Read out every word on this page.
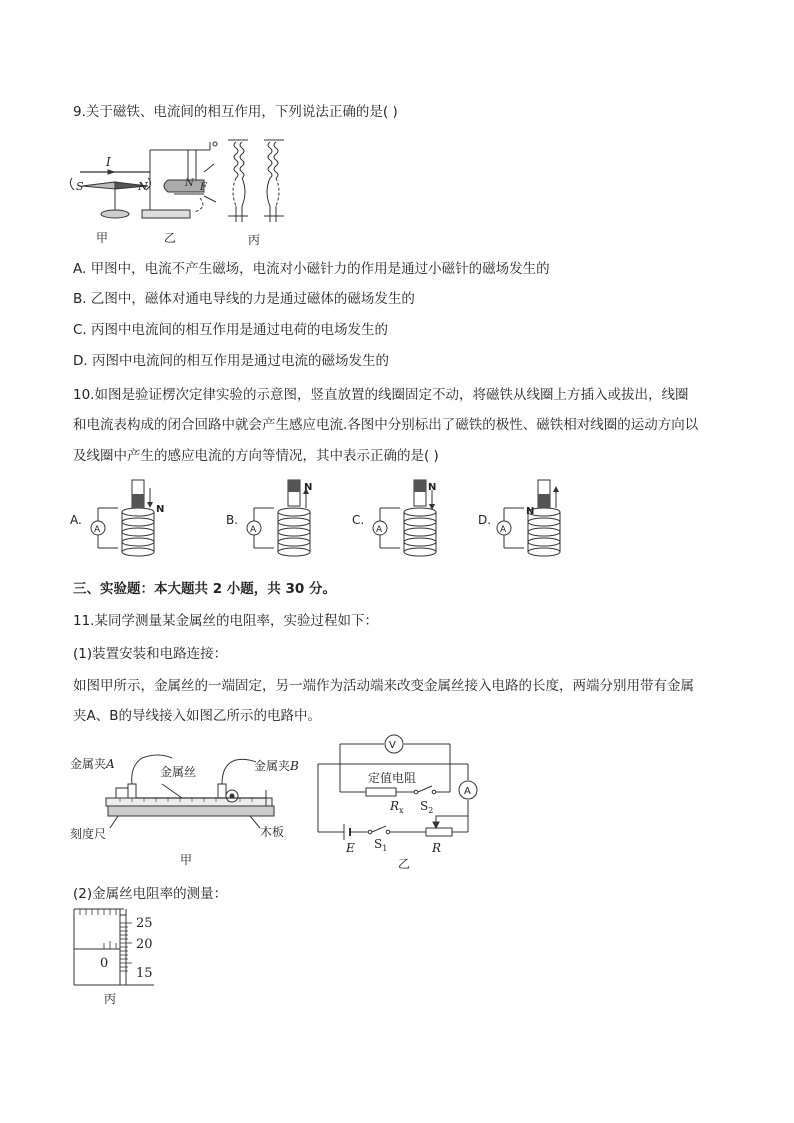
9.关于磁铁、电流间的相互作用，下列说法正确的是( )
I
S	N
甲
N F
乙	丙
A. 甲图中，电流不产生磁场，电流对小磁针力的作用是通过小磁针的磁场发生的
B. 乙图中，磁体对通电导线的力是通过磁体的磁场发生的
C. 丙图中电流间的相互作用是通过电荷的电场发生的
D. 丙图中电流间的相互作用是通过电流的磁场发生的
10.如图是验证楞次定律实验的示意图，竖直放置的线圈固定不动，将磁铁从线圈上方插入或拔出，线圈
和电流表构成的闭合回路中就会产生感应电流.各图中分别标出了磁铁的极性、磁铁相对线圈的运动方向以
及线圈中产生的感应电流的方向等情况，其中表示正确的是( )
A.
N
A
B.
N
A
C.
N
A
D.
N
A
三、实验题：本大题共 2 小题，共 30 分。
11.某同学测量某金属丝的电阻率，实验过程如下：
(1)装置安装和电路连接：
如图甲所示，金属丝的一端固定，另一端作为活动端来改变金属丝接入电路的长度，两端分别用带有金属
夹A、B的导线接入如图乙所示的电路中。
金属夹A
金属丝	金属夹B
刻度尺	木板
甲
V
A
定值电阻
$R_x$ $S_2$
E $S_1$	R
乙
(2)金属丝电阻率的测量：
25
20
15
0
丙
